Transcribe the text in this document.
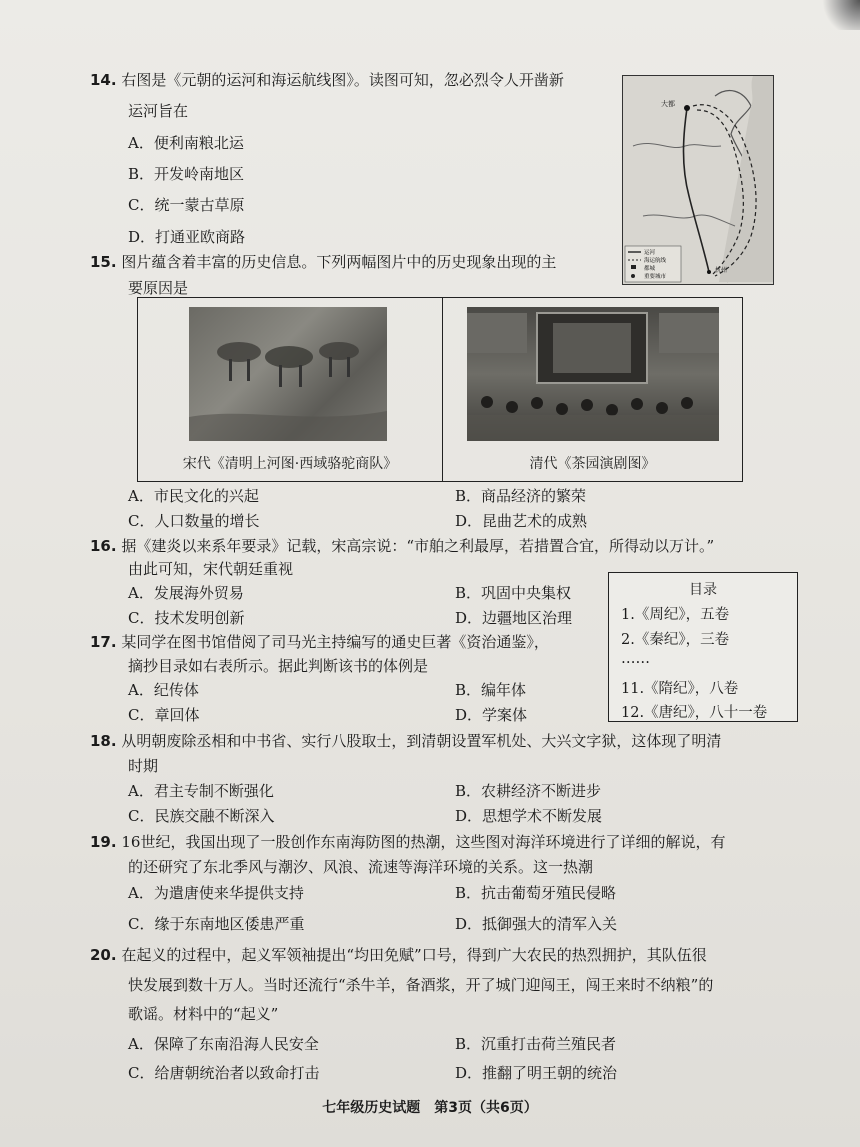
14. 右图是《元朝的运河和海运航线图》。读图可知，忽必烈令人开凿新
运河旨在
A．便利南粮北运
B．开发岭南地区
C．统一蒙古草原
D．打通亚欧商路
大都
杭州
运河
海运航线
都城
重要城市
15. 图片蕴含着丰富的历史信息。下列两幅图片中的历史现象出现的主
要原因是
宋代《清明上河图·西域骆驼商队》	清代《茶园演剧图》
A．市民文化的兴起	B．商品经济的繁荣
C．人口数量的增长	D．昆曲艺术的成熟
16. 据《建炎以来系年要录》记载，宋高宗说：“市舶之利最厚，若措置合宜，所得动以万计。”
由此可知，宋代朝廷重视
A．发展海外贸易	B．巩固中央集权
C．技术发明创新	D．边疆地区治理
目录
1.《周纪》，五卷
2.《秦纪》，三卷
……
11.《隋纪》，八卷
12.《唐纪》，八十一卷
17. 某同学在图书馆借阅了司马光主持编写的通史巨著《资治通鉴》，
摘抄目录如右表所示。据此判断该书的体例是
A．纪传体	B．编年体
C．章回体	D．学案体
18. 从明朝废除丞相和中书省、实行八股取士，到清朝设置军机处、大兴文字狱，这体现了明清
时期
A．君主专制不断强化	B．农耕经济不断进步
C．民族交融不断深入	D．思想学术不断发展
19. 16世纪，我国出现了一股创作东南海防图的热潮，这些图对海洋环境进行了详细的解说，有
的还研究了东北季风与潮汐、风浪、流速等海洋环境的关系。这一热潮
A．为遣唐使来华提供支持	B．抗击葡萄牙殖民侵略
C．缘于东南地区倭患严重	D．抵御强大的清军入关
20. 在起义的过程中，起义军领袖提出“均田免赋”口号，得到广大农民的热烈拥护，其队伍很
快发展到数十万人。当时还流行“杀牛羊，备酒浆，开了城门迎闯王，闯王来时不纳粮”的
歌谣。材料中的“起义”
A．保障了东南沿海人民安全	B．沉重打击荷兰殖民者
C．给唐朝统治者以致命打击	D．推翻了明王朝的统治
七年级历史试题　第3页（共6页）
